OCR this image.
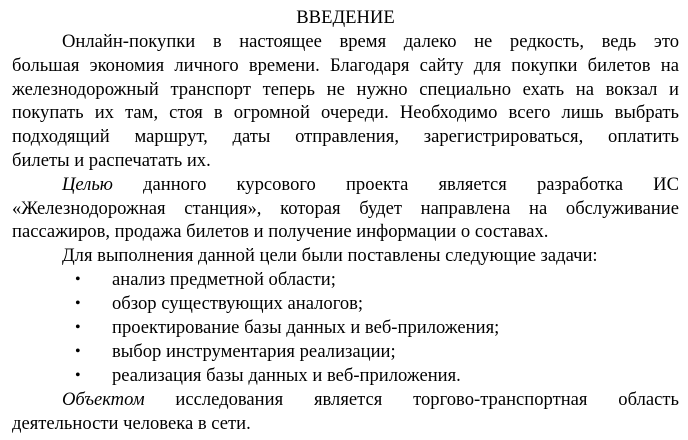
ВВЕДЕНИЕ
Онлайн-покупки в настоящее время далеко не редкость, ведь это
большая экономия личного времени. Благодаря сайту для покупки билетов на
железнодорожный транспорт теперь не нужно специально ехать на вокзал и
покупать их там, стоя в огромной очереди. Необходимо всего лишь выбрать
подходящий маршрут, даты отправления, зарегистрироваться, оплатить
билеты и распечатать их.
Целью данного курсового проекта является разработка ИС
«Железнодорожная станция», которая будет направлена на обслуживание
пассажиров, продажа билетов и получение информации о составах.
Для выполнения данной цели были поставлены следующие задачи:
• анализ предметной области;
• обзор существующих аналогов;
• проектирование базы данных и веб-приложения;
• выбор инструментария реализации;
• реализация базы данных и веб-приложения.
Объектом исследования является торгово-транспортная область
деятельности человека в сети.
